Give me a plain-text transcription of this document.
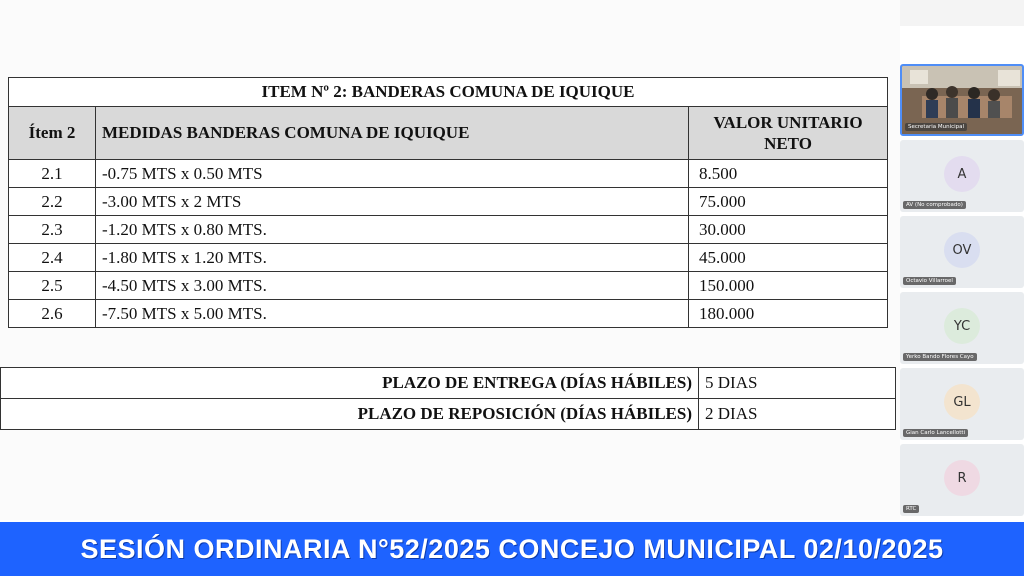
ITEM Nº 2: BANDERAS COMUNA DE IQUIQUE		
Ítem 2	MEDIDAS BANDERAS COMUNA DE IQUIQUE	VALOR UNITARIO NETO
2.1	-0.75 MTS x 0.50 MTS	8.500
2.2	-3.00 MTS x 2 MTS	75.000
2.3	-1.20 MTS x 0.80 MTS.	30.000
2.4	-1.80 MTS x 1.20 MTS.	45.000
2.5	-4.50 MTS x 3.00 MTS.	150.000
2.6	-7.50 MTS x 5.00 MTS.	180.000
PLAZO DE ENTREGA (DÍAS HÁBILES)	5 DIAS
PLAZO DE REPOSICIÓN (DÍAS HÁBILES)	2 DIAS
Secretaria Municipal
A
AV (No comprobado)
OV
Octavio Villarroel
YC
Yerko Bando Flores Cayo
GL
Gian Carlo Lancellotti
R
RTC
SESIÓN ORDINARIA N°52/2025 CONCEJO MUNICIPAL 02/10/2025
